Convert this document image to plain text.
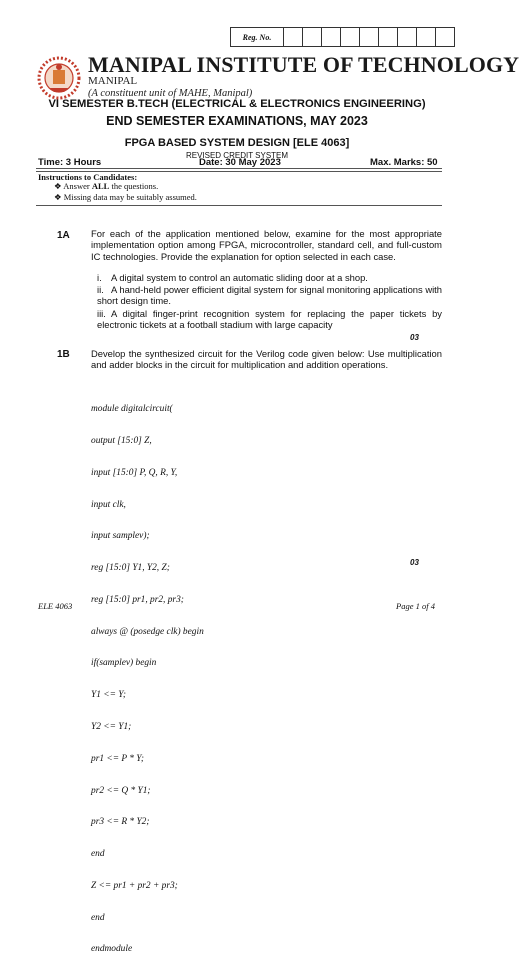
Reg. No.
MANIPAL INSTITUTE OF TECHNOLOGY
MANIPAL
(A constituent unit of MAHE, Manipal)
VI SEMESTER B.TECH (ELECTRICAL & ELECTRONICS ENGINEERING)
END SEMESTER EXAMINATIONS, MAY 2023
FPGA BASED SYSTEM DESIGN [ELE 4063]
REVISED CREDIT SYSTEM
Time: 3 Hours	Date: 30 May 2023	Max. Marks: 50
Instructions to Candidates:
❖ Answer ALL the questions.
❖ Missing data may be suitably assumed.
1A For each of the application mentioned below, examine for the most appropriate implementation option among FPGA, microcontroller, standard cell, and full-custom IC technologies. Provide the explanation for option selected in each case.
i. A digital system to control an automatic sliding door at a shop.
ii. A hand-held power efficient digital system for signal monitoring applications with short design time.
iii. A digital finger-print recognition system for replacing the paper tickets by electronic tickets at a football stadium with large capacity
03
1B Develop the synthesized circuit for the Verilog code given below: Use multiplication and adder blocks in the circuit for multiplication and addition operations.

module digitalcircuit(

output [15:0] Z,

input [15:0] P, Q, R, Y,

input clk,

input samplev);

reg [15:0] Y1, Y2, Z;

reg [15:0] pr1, pr2, pr3;

always @ (posedge clk) begin

if(samplev) begin

Y1 <= Y;

Y2 <= Y1;

pr1 <= P * Y;

pr2 <= Q * Y1;

pr3 <= R * Y2;

end

Z <= pr1 + pr2 + pr3;

end

endmodule

03
ELE 4063	Page 1 of 4
